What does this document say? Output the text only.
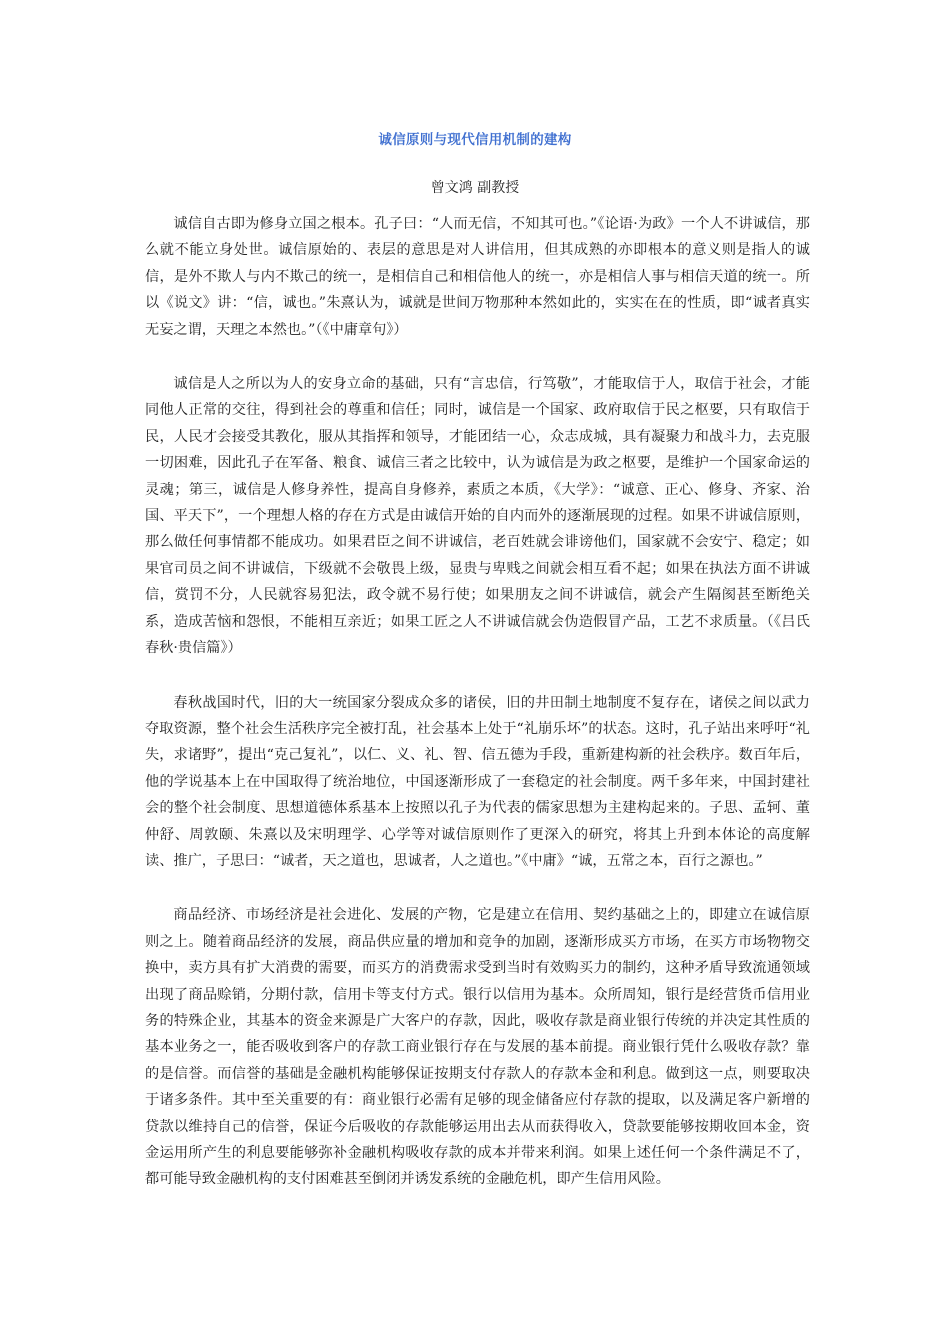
诚信原则与现代信用机制的建构
曾文鸿 副教授

诚信自古即为修身立国之根本。孔子曰：“人而无信，不知其可也。”《论语·为政》一个人不讲诚信，那么就不能立身处世。诚信原始的、表层的意思是对人讲信用，但其成熟的亦即根本的意义则是指人的诚信，是外不欺人与内不欺己的统一，是相信自己和相信他人的统一，亦是相信人事与相信天道的统一。所以《说文》讲：“信，诚也。”朱熹认为，诚就是世间万物那种本然如此的，实实在在的性质，即“诚者真实无妄之谓，天理之本然也。”（《中庸章句》）

诚信是人之所以为人的安身立命的基础，只有“言忠信，行笃敬”，才能取信于人，取信于社会，才能同他人正常的交往，得到社会的尊重和信任；同时，诚信是一个国家、政府取信于民之枢要，只有取信于民，人民才会接受其教化，服从其指挥和领导，才能团结一心，众志成城，具有凝聚力和战斗力，去克服一切困难，因此孔子在军备、粮食、诚信三者之比较中，认为诚信是为政之枢要，是维护一个国家命运的灵魂；第三，诚信是人修身养性，提高自身修养，素质之本质，《大学》：“诚意、正心、修身、齐家、治国、平天下”，一个理想人格的存在方式是由诚信开始的自内而外的逐渐展现的过程。如果不讲诚信原则，那么做任何事情都不能成功。如果君臣之间不讲诚信，老百姓就会诽谤他们，国家就不会安宁、稳定；如果官司员之间不讲诚信，下级就不会敬畏上级，显贵与卑贱之间就会相互看不起；如果在执法方面不讲诚信，赏罚不分，人民就容易犯法，政令就不易行使；如果朋友之间不讲诚信，就会产生隔阂甚至断绝关系，造成苦恼和怨恨，不能相互亲近；如果工匠之人不讲诚信就会伪造假冒产品，工艺不求质量。（《吕氏春秋·贵信篇》）

春秋战国时代，旧的大一统国家分裂成众多的诸侯，旧的井田制土地制度不复存在，诸侯之间以武力夺取资源，整个社会生活秩序完全被打乱，社会基本上处于“礼崩乐坏”的状态。这时，孔子站出来呼吁“礼失，求诸野”，提出“克己复礼”，以仁、义、礼、智、信五德为手段，重新建构新的社会秩序。数百年后，他的学说基本上在中国取得了统治地位，中国逐渐形成了一套稳定的社会制度。两千多年来，中国封建社会的整个社会制度、思想道德体系基本上按照以孔子为代表的儒家思想为主建构起来的。子思、孟轲、董仲舒、周敦颐、朱熹以及宋明理学、心学等对诚信原则作了更深入的研究，将其上升到本体论的高度解读、推广，子思曰：“诚者，天之道也，思诚者，人之道也。”《中庸》“诚，五常之本，百行之源也。”

商品经济、市场经济是社会进化、发展的产物，它是建立在信用、契约基础之上的，即建立在诚信原则之上。随着商品经济的发展，商品供应量的增加和竞争的加剧，逐渐形成买方市场，在买方市场物物交换中，卖方具有扩大消费的需要，而买方的消费需求受到当时有效购买力的制约，这种矛盾导致流通领域出现了商品赊销，分期付款，信用卡等支付方式。银行以信用为基本。众所周知，银行是经营货币信用业务的特殊企业，其基本的资金来源是广大客户的存款，因此，吸收存款是商业银行传统的并决定其性质的基本业务之一，能否吸收到客户的存款工商业银行存在与发展的基本前提。商业银行凭什么吸收存款？靠的是信誉。而信誉的基础是金融机构能够保证按期支付存款人的存款本金和利息。做到这一点，则要取决于诸多条件。其中至关重要的有：商业银行必需有足够的现金储备应付存款的提取，以及满足客户新增的贷款以维持自己的信誉，保证今后吸收的存款能够运用出去从而获得收入，贷款要能够按期收回本金，资金运用所产生的利息要能够弥补金融机构吸收存款的成本并带来利润。如果上述任何一个条件满足不了，都可能导致金融机构的支付困难甚至倒闭并诱发系统的金融危机，即产生信用风险。
